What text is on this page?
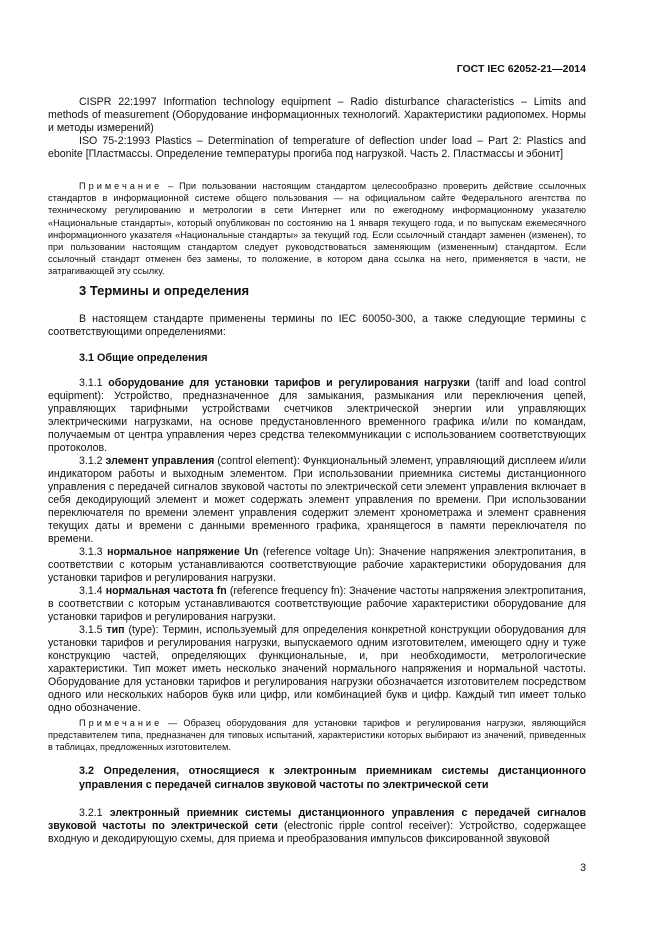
ГОСТ IEC 62052-21—2014

CISPR 22:1997 Information technology equipment – Radio disturbance characteristics – Limits and methods of measurement (Оборудование информационных технологий. Характеристики радиопомех. Нормы и методы измерений)

ISO 75-2:1993 Plastics – Determination of temperature of deflection under load – Part 2: Plastics and ebonite [Пластмассы. Определение температуры прогиба под нагрузкой. Часть 2. Пластмассы и эбонит]

Примечание – При пользовании настоящим стандартом целесообразно проверить действие ссылочных стандартов в информационной системе общего пользования — на официальном сайте Федерального агентства по техническому регулированию и метрологии в сети Интернет или по ежегодному информационному указателю «Национальные стандарты», который опубликован по состоянию на 1 января текущего года, и по выпускам ежемесячного информационного указателя «Национальные стандарты» за текущий год. Если ссылочный стандарт заменен (изменен), то при пользовании настоящим стандартом следует руководствоваться заменяющим (измененным) стандартом. Если ссылочный стандарт отменен без замены, то положение, в котором дана ссылка на него, применяется в части, не затрагивающей эту ссылку.

3 Термины и определения

В настоящем стандарте применены термины по IEC 60050-300, а также следующие термины с соответствующими определениями:

3.1 Общие определения

3.1.1 оборудование для установки тарифов и регулирования нагрузки (tariff and load control equipment): Устройство, предназначенное для замыкания, размыкания или переключения цепей, управляющих тарифными устройствами счетчиков электрической энергии или управляющих электрическими нагрузками, на основе предустановленного временного графика и/или по командам, получаемым от центра управления через средства телекоммуникации с использованием соответствующих протоколов.

3.1.2 элемент управления (control element): Функциональный элемент, управляющий дисплеем и/или индикатором работы и выходным элементом. При использовании приемника системы дистанционного управления с передачей сигналов звуковой частоты по электрической сети элемент управления включает в себя декодирующий элемент и может содержать элемент управления по времени. При использовании переключателя по времени элемент управления содержит элемент хронометража и элемент сравнения текущих даты и времени с данными временного графика, хранящегося в памяти переключателя по времени.

3.1.3 нормальное напряжение Un (reference voltage Un): Значение напряжения электропитания, в соответствии с которым устанавливаются соответствующие рабочие характеристики оборудования для установки тарифов и регулирования нагрузки.

3.1.4 нормальная частота fn (reference frequency fn): Значение частоты напряжения электропитания, в соответствии с которым устанавливаются соответствующие рабочие характеристики оборудование для установки тарифов и регулирования нагрузки.

3.1.5 тип (type): Термин, используемый для определения конкретной конструкции оборудования для установки тарифов и регулирования нагрузки, выпускаемого одним изготовителем, имеющего одну и туже конструкцию частей, определяющих функциональные, и, при необходимости, метрологические характеристики. Тип может иметь несколько значений нормального напряжения и нормальной частоты. Оборудование для установки тарифов и регулирования нагрузки обозначается изготовителем посредством одного или нескольких наборов букв или цифр, или комбинацией букв и цифр. Каждый тип имеет только одно обозначение.

Примечание — Образец оборудования для установки тарифов и регулирования нагрузки, являющийся представителем типа, предназначен для типовых испытаний, характеристики которых выбирают из значений, приведенных в таблицах, предложенных изготовителем.

3.2 Определения, относящиеся к электронным приемникам системы дистанционного управления с передачей сигналов звуковой частоты по электрической сети

3.2.1 электронный приемник системы дистанционного управления с передачей сигналов звуковой частоты по электрической сети (electronic ripple control receiver): Устройство, содержащее входную и декодирующую схемы, для приема и преобразования импульсов фиксированной звуковой

3
